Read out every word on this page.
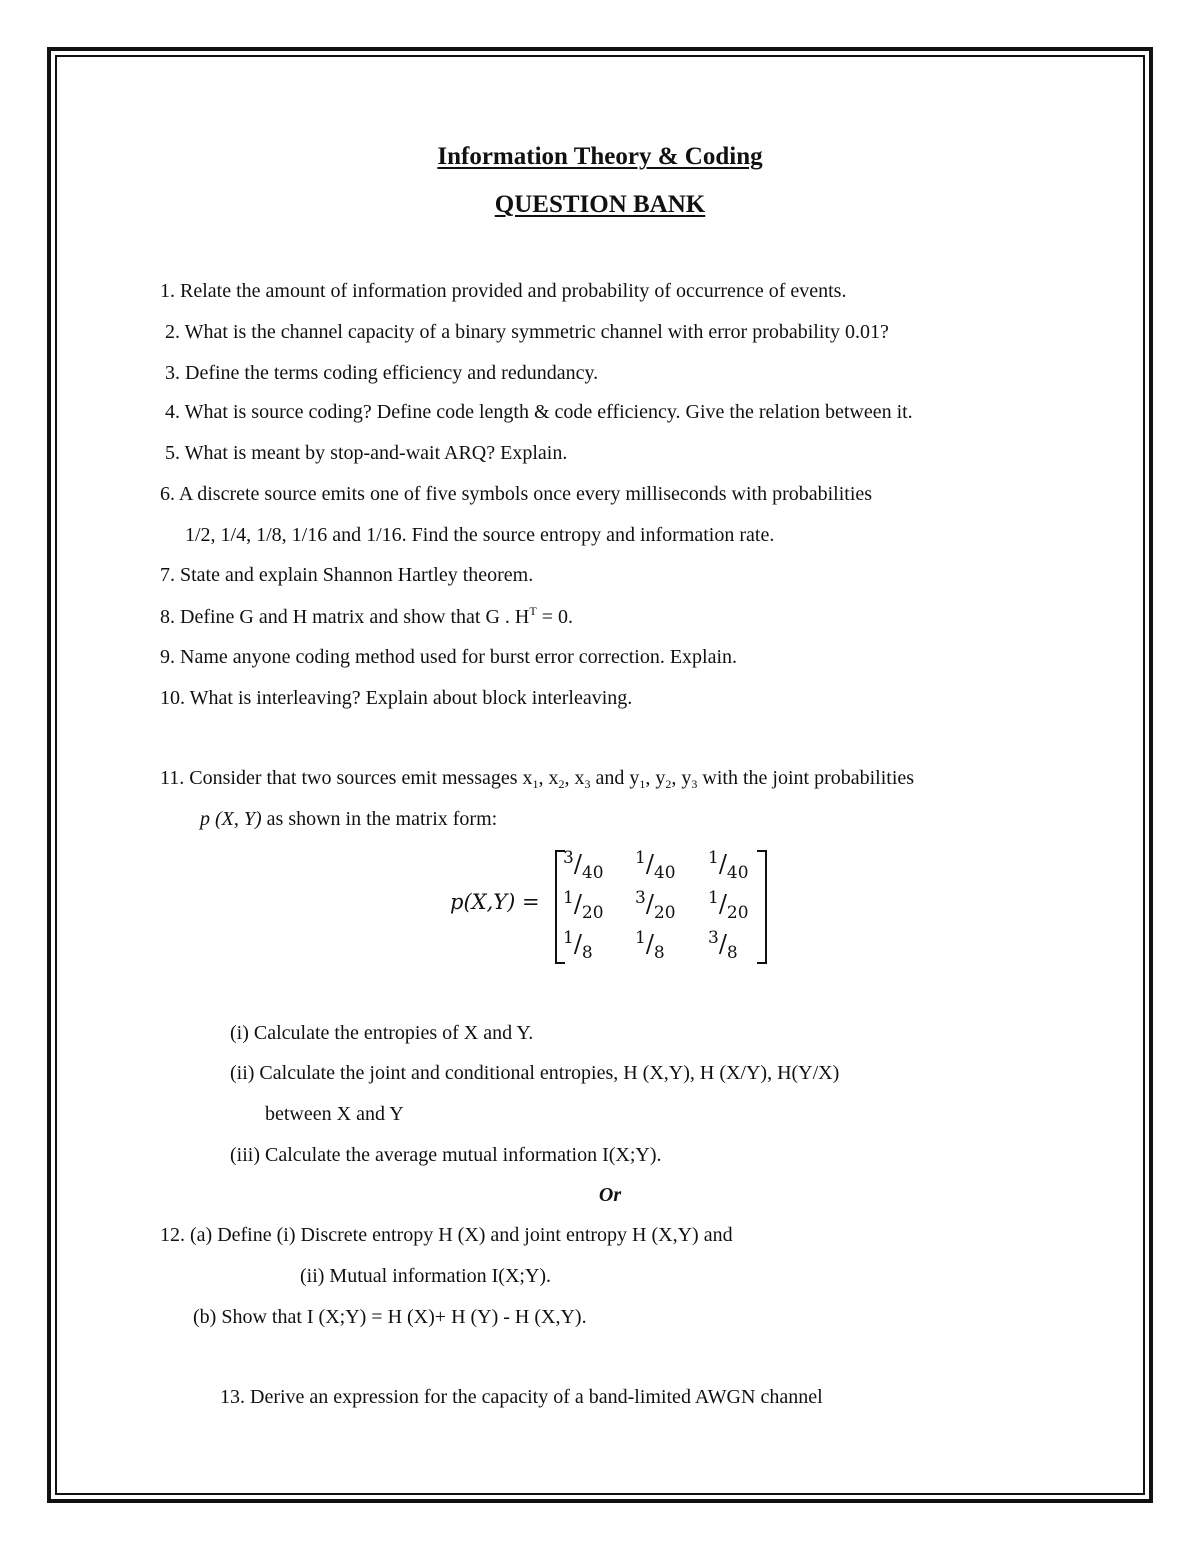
Information Theory & Coding
QUESTION BANK
1. Relate the amount of information provided and probability of occurrence of events.
2. What is the channel capacity of a binary symmetric channel with error probability 0.01?
3. Define the terms coding efficiency and redundancy.
4. What is source coding? Define code length & code efficiency. Give the relation between it.
5. What is meant by stop-and-wait ARQ? Explain.
6. A discrete source emits one of five symbols once every milliseconds with probabilities
1/2, 1/4, 1/8, 1/16 and 1/16. Find the source entropy and information rate.
7. State and explain Shannon Hartley theorem.
8. Define G and H matrix and show that G . $H^T = 0$.
9. Name anyone coding method used for burst error correction. Explain.
10. What is interleaving? Explain about block interleaving.
11. Consider that two sources emit messages $x_1$, $x_2$, $x_3$ and $y_1$, $y_2$, $y_3$ with the joint probabilities
p (X, Y) as shown in the matrix form:
p(X,Y) =
$^3/_{40}$
$^1/_{40}$
$^1/_{40}$
$^1/_{20}$
$^3/_{20}$
$^1/_{20}$
$^1/_8$
$^1/_8$
$^3/_8$
(i) Calculate the entropies of X and Y.
(ii) Calculate the joint and conditional entropies, H (X,Y), H (X/Y), H(Y/X)
between X and Y
(iii) Calculate the average mutual information I(X;Y).
Or
12. (a) Define (i) Discrete entropy H (X) and joint entropy H (X,Y) and
(ii) Mutual information I(X;Y).
(b) Show that I (X;Y) = H (X)+ H (Y) - H (X,Y).
13. Derive an expression for the capacity of a band-limited AWGN channel
